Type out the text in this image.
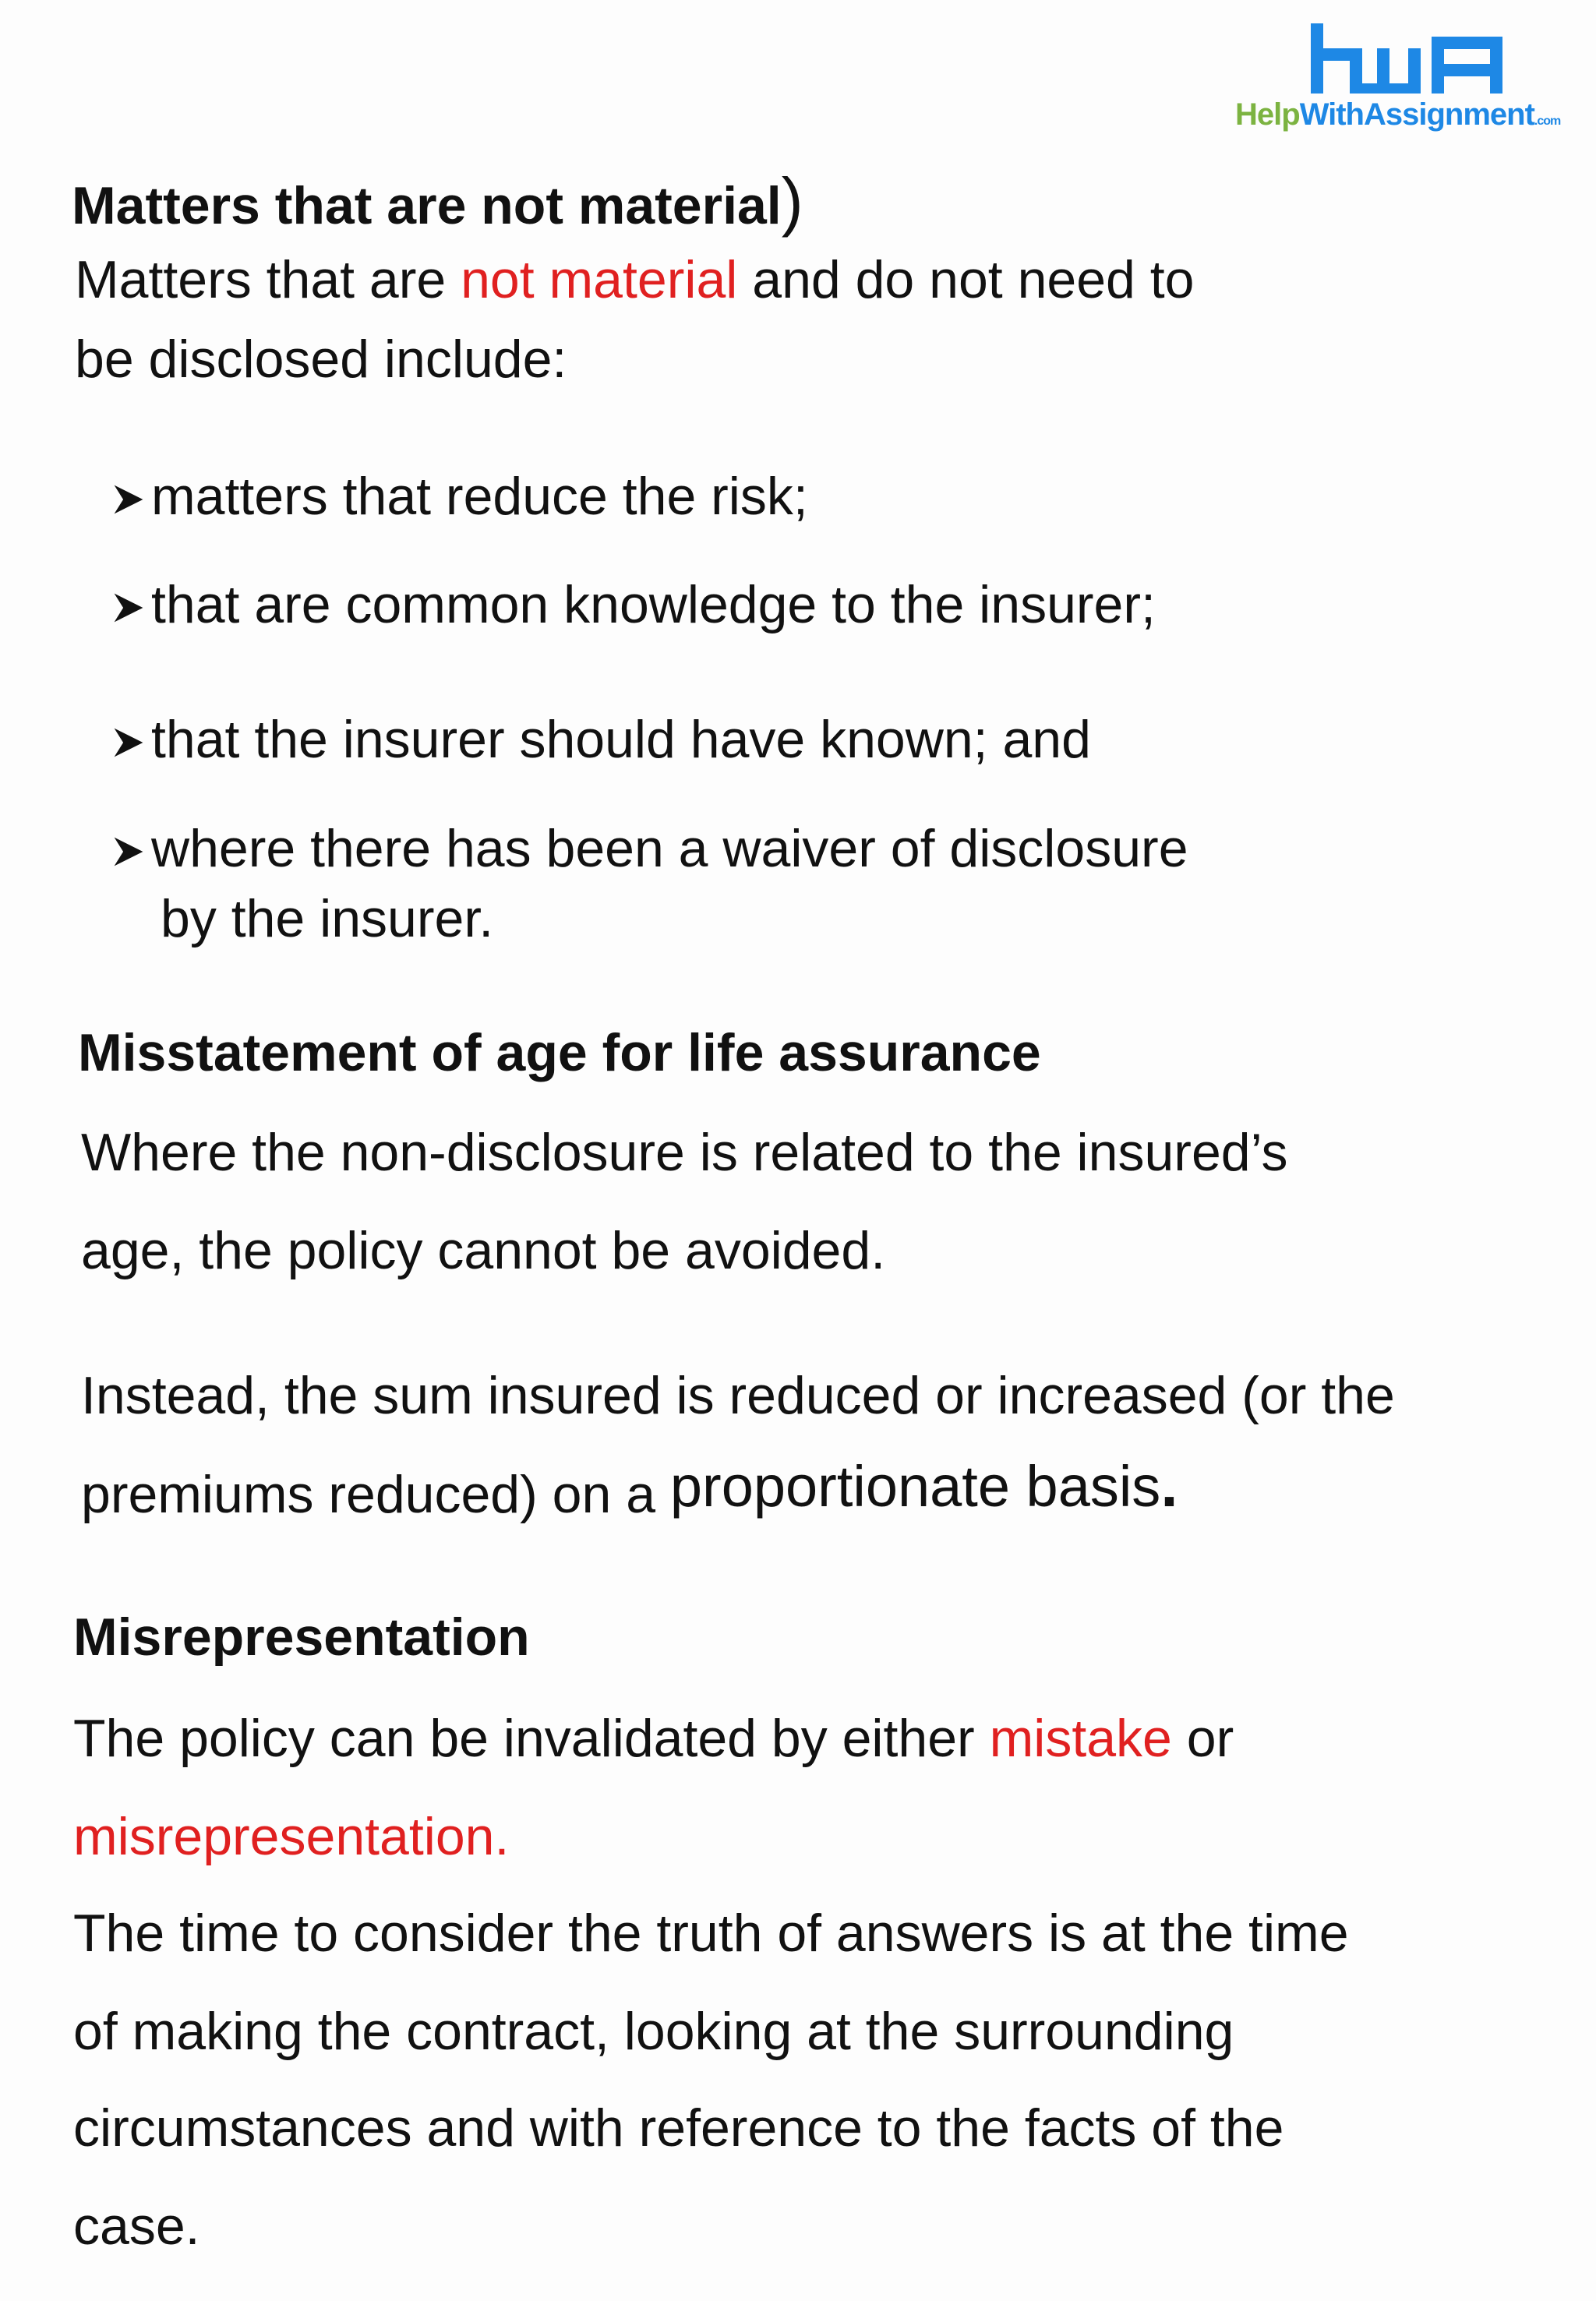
HelpWithAssignment.com
Matters that are not material)
Matters that are not material and do not need to
be disclosed include:
matters that reduce the risk;
that are common knowledge to the insurer;
that the insurer should have known; and
where there has been a waiver of disclosure
by the insurer.
Misstatement of age for life assurance
Where the non-disclosure is related to the insured’s
age, the policy cannot be avoided.
Instead, the sum insured is reduced or increased (or the
premiums reduced) on a proportionate basis.
Misrepresentation
The policy can be invalidated by either mistake or
misrepresentation.
The time to consider the truth of answers is at the time
of making the contract, looking at the surrounding
circumstances and with reference to the facts of the
case.
